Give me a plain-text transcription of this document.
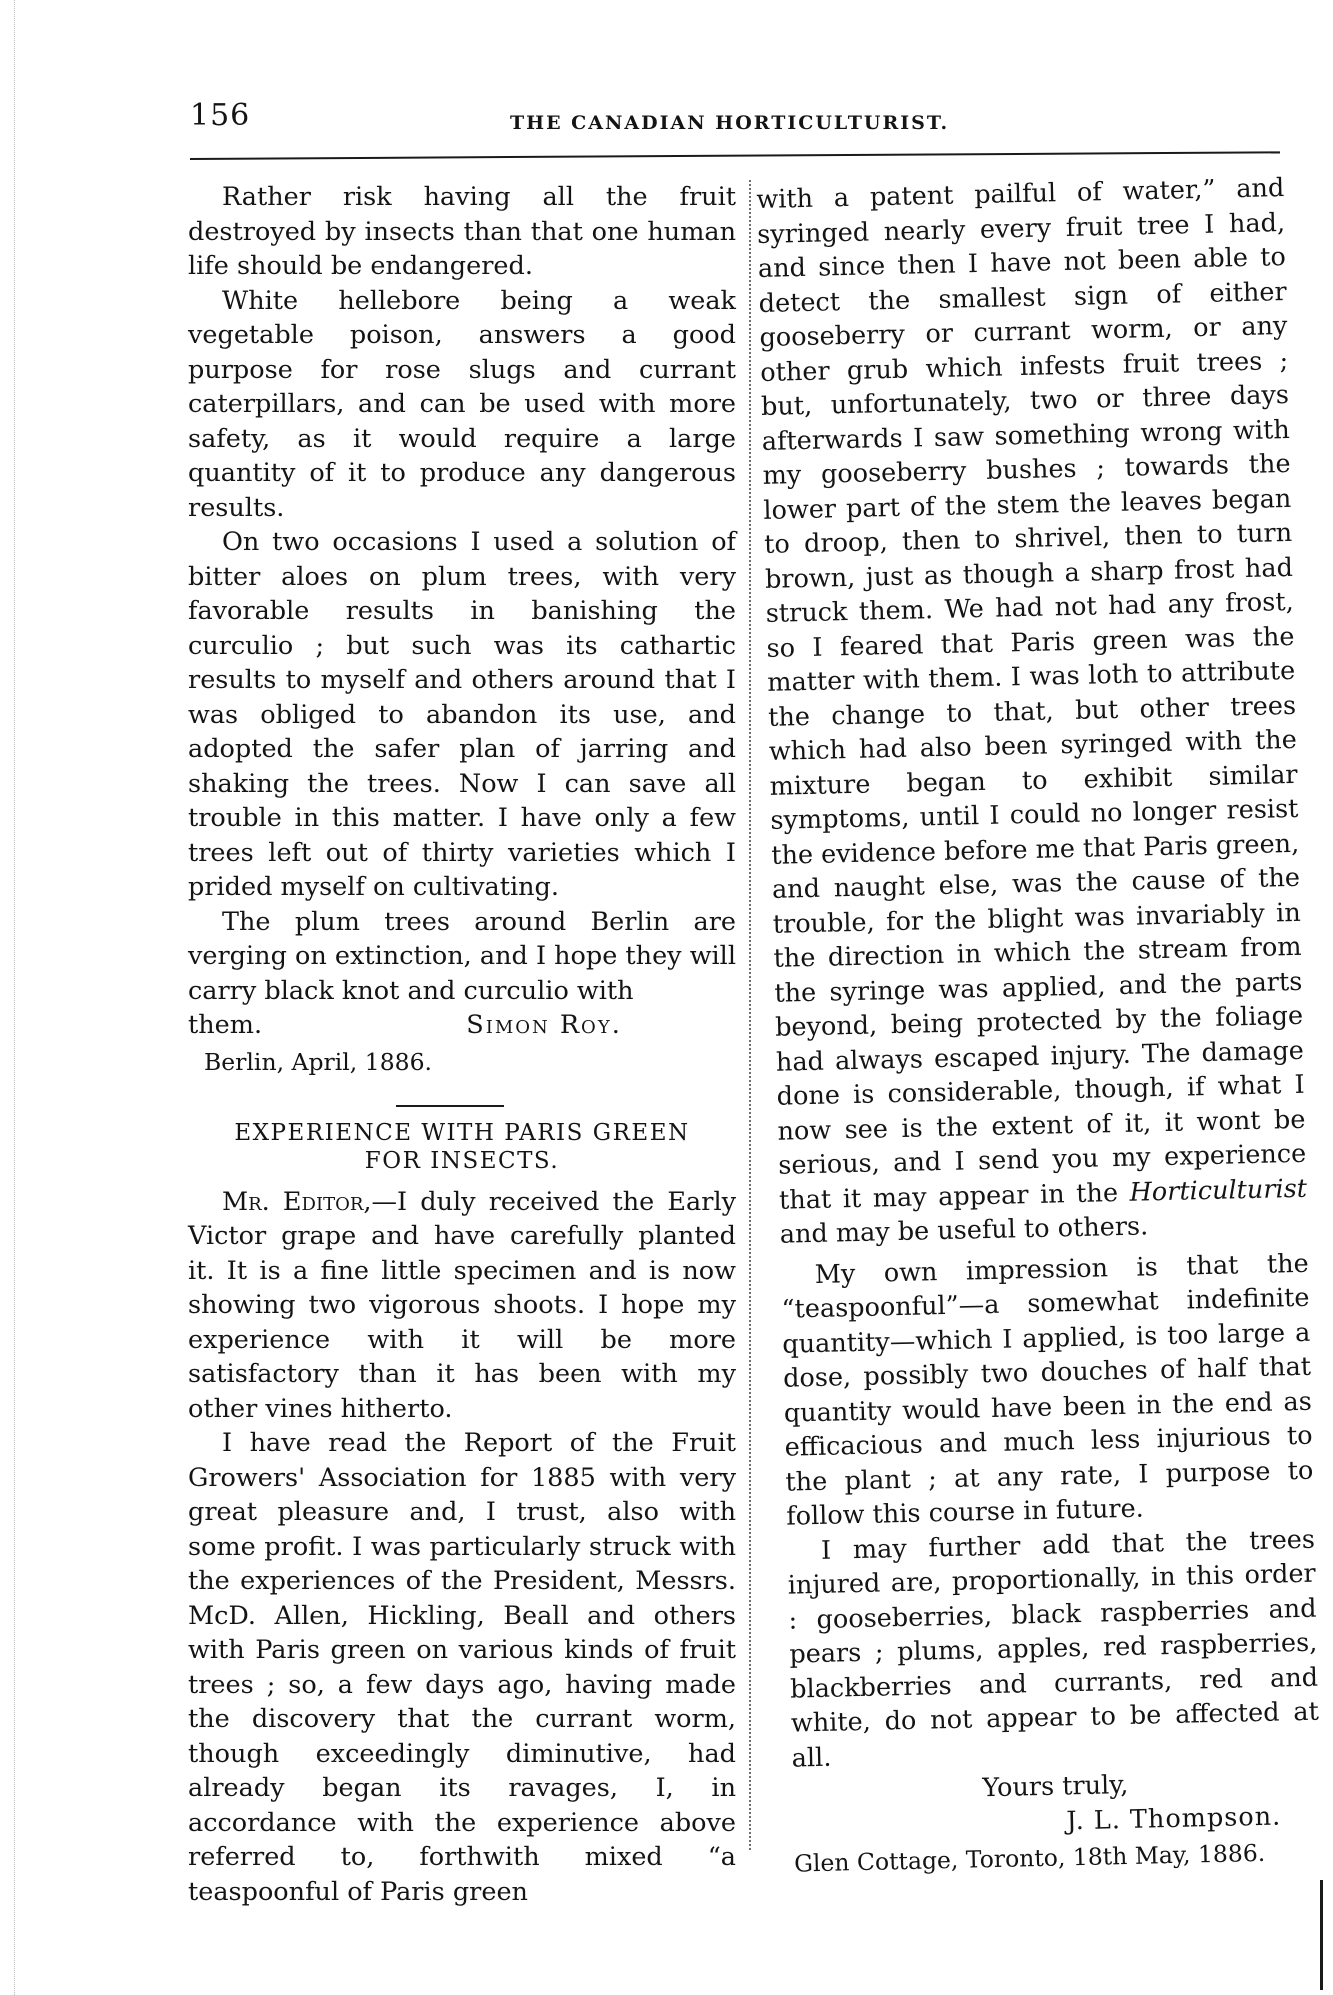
156	THE CANADIAN HORTICULTURIST.

Rather risk having all the fruit destroyed by insects than that one human life should be endangered.

White hellebore being a weak vegetable poison, answers a good purpose for rose slugs and currant caterpillars, and can be used with more safety, as it would require a large quantity of it to produce any dangerous results.

On two occasions I used a solution of bitter aloes on plum trees, with very favorable results in banishing the curculio ; but such was its cathartic results to myself and others around that I was obliged to abandon its use, and adopted the safer plan of jarring and shaking the trees. Now I can save all trouble in this matter. I have only a few trees left out of thirty varieties which I prided myself on cultivating.

The plum trees around Berlin are verging on extinction, and I hope they will carry black knot and curculio with

them.	Simon Roy.
Berlin, April, 1886.
EXPERIENCE WITH PARIS GREEN
FOR INSECTS.

Mr. Editor,—I duly received the Early Victor grape and have carefully planted it. It is a fine little specimen and is now showing two vigorous shoots. I hope my experience with it will be more satisfactory than it has been with my other vines hitherto.

I have read the Report of the Fruit Growers' Association for 1885 with very great pleasure and, I trust, also with some profit. I was particularly struck with the experiences of the President, Messrs. McD. Allen, Hickling, Beall and others with Paris green on various kinds of fruit trees ; so, a few days ago, having made the discovery that the currant worm, though exceedingly diminutive, had already began its ravages, I, in accordance with the experience above referred to, forthwith mixed “a teaspoonful of Paris green

with a patent pailful of water,” and syringed nearly every fruit tree I had, and since then I have not been able to detect the smallest sign of either gooseberry or currant worm, or any other grub which infests fruit trees ; but, unfortunately, two or three days afterwards I saw something wrong with my gooseberry bushes ; towards the lower part of the stem the leaves began to droop, then to shrivel, then to turn brown, just as though a sharp frost had struck them. We had not had any frost, so I feared that Paris green was the matter with them. I was loth to attribute the change to that, but other trees which had also been syringed with the mixture began to exhibit similar symptoms, until I could no longer resist the evidence before me that Paris green, and naught else, was the cause of the trouble, for the blight was invariably in the direction in which the stream from the syringe was applied, and the parts beyond, being protected by the foliage had always escaped injury. The damage done is considerable, though, if what I now see is the extent of it, it wont be serious, and I send you my experience that it may appear in the Horticulturist and may be useful to others.

My own impression is that the “teaspoonful”—a somewhat indefinite quantity—which I applied, is too large a dose, possibly two douches of half that quantity would have been in the end as efficacious and much less injurious to the plant ; at any rate, I purpose to follow this course in future.

I may further add that the trees injured are, proportionally, in this order : gooseberries, black raspberries and pears ; plums, apples, red raspberries, blackberries and currants, red and white, do not appear to be affected at all.

Yours truly,
J. L. Thompson.
Glen Cottage, Toronto, 18th May, 1886.
